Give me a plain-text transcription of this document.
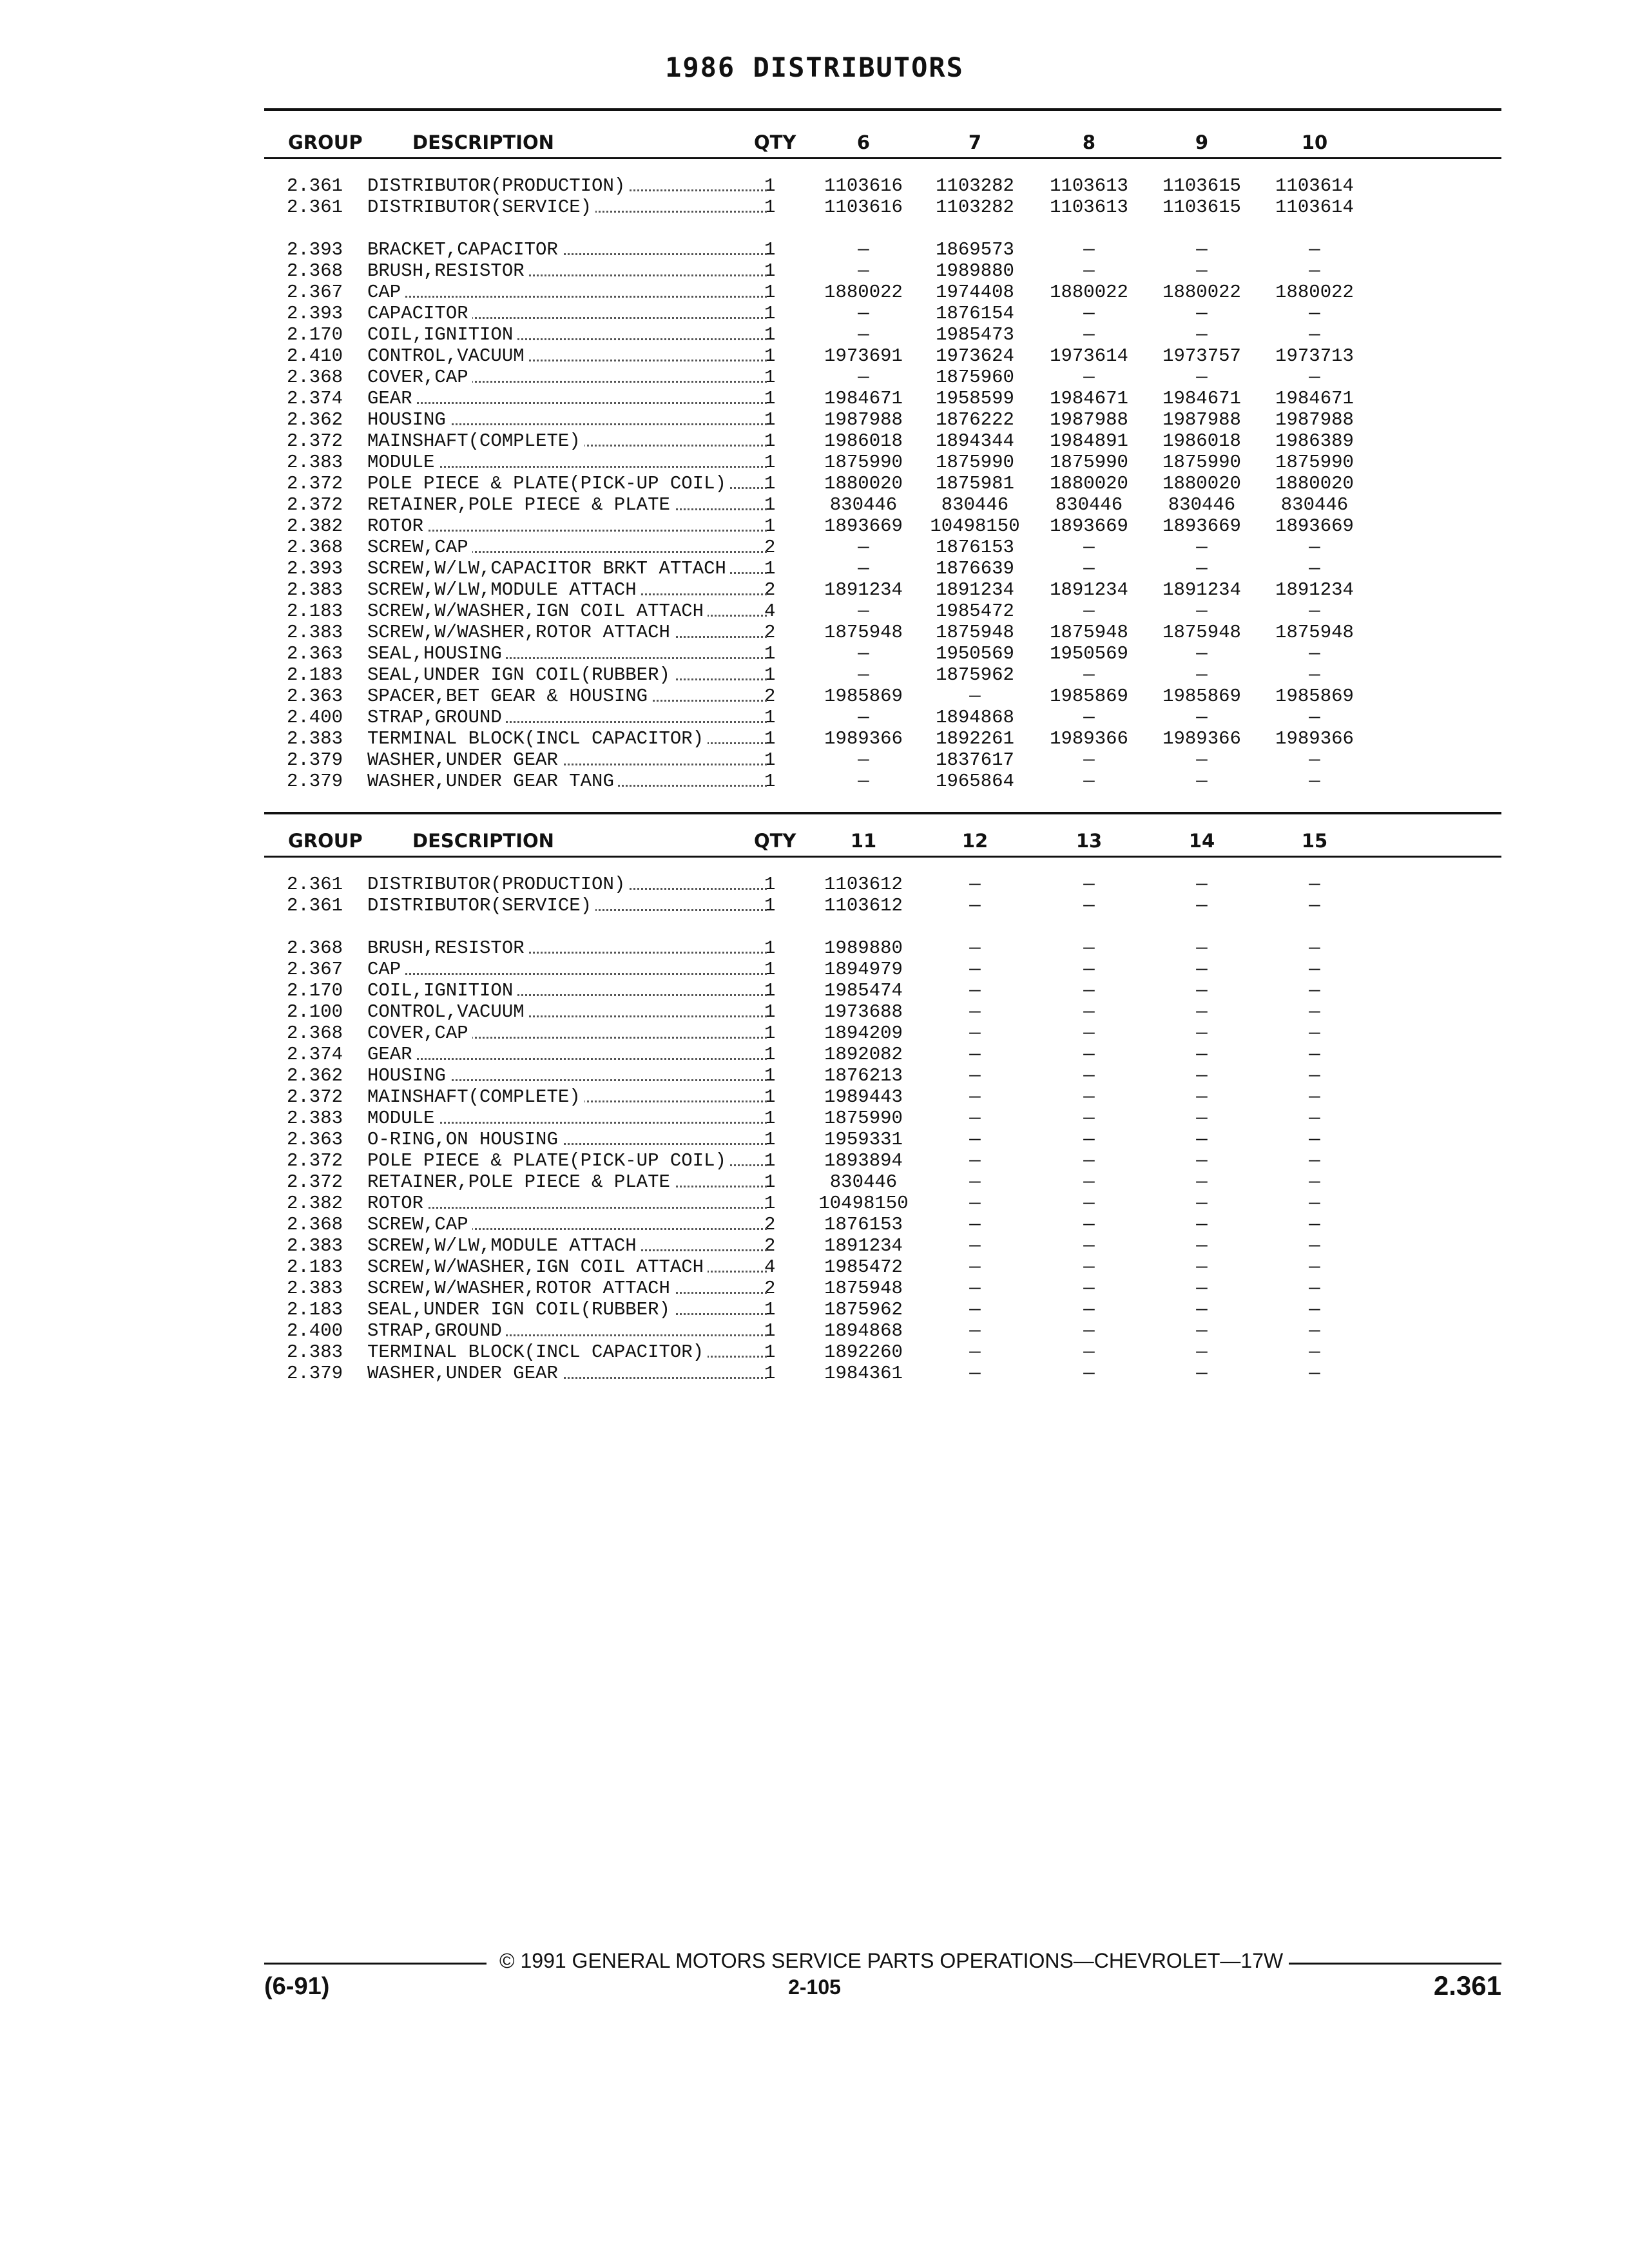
1986 DISTRIBUTORS
GROUP	DESCRIPTION	QTY	6	7	8	9	10
2.361 DISTRIBUTOR(PRODUCTION)	1	1103616	1103282	1103613	1103615	1103614
2.361 DISTRIBUTOR(SERVICE)	1	1103616	1103282	1103613	1103615	1103614
2.393 BRACKET,CAPACITOR	1	—	1869573	—	—	—
2.368 BRUSH,RESISTOR	1	—	1989880	—	—	—
2.367 CAP	1	1880022	1974408	1880022	1880022	1880022
2.393 CAPACITOR	1	—	1876154	—	—	—
2.170 COIL,IGNITION	1	—	1985473	—	—	—
2.410 CONTROL,VACUUM	1	1973691	1973624	1973614	1973757	1973713
2.368 COVER,CAP	1	—	1875960	—	—	—
2.374 GEAR	1	1984671	1958599	1984671	1984671	1984671
2.362 HOUSING	1	1987988	1876222	1987988	1987988	1987988
2.372 MAINSHAFT(COMPLETE)	1	1986018	1894344	1984891	1986018	1986389
2.383 MODULE	1	1875990	1875990	1875990	1875990	1875990
2.372 POLE PIECE & PLATE(PICK-UP COIL)	1	1880020	1875981	1880020	1880020	1880020
2.372 RETAINER,POLE PIECE & PLATE	1	830446	830446	830446	830446	830446
2.382 ROTOR	1	1893669	10498150	1893669	1893669	1893669
2.368 SCREW,CAP	2	—	1876153	—	—	—
2.393 SCREW,W/LW,CAPACITOR BRKT ATTACH	1	—	1876639	—	—	—
2.383 SCREW,W/LW,MODULE ATTACH	2	1891234	1891234	1891234	1891234	1891234
2.183 SCREW,W/WASHER,IGN COIL ATTACH	4	—	1985472	—	—	—
2.383 SCREW,W/WASHER,ROTOR ATTACH	2	1875948	1875948	1875948	1875948	1875948
2.363 SEAL,HOUSING	1	—	1950569	1950569	—	—
2.183 SEAL,UNDER IGN COIL(RUBBER)	1	—	1875962	—	—	—
2.363 SPACER,BET GEAR & HOUSING	2	1985869	—	1985869	1985869	1985869
2.400 STRAP,GROUND	1	—	1894868	—	—	—
2.383 TERMINAL BLOCK(INCL CAPACITOR)	1	1989366	1892261	1989366	1989366	1989366
2.379 WASHER,UNDER GEAR	1	—	1837617	—	—	—
2.379 WASHER,UNDER GEAR TANG	1	—	1965864	—	—	—
GROUP	DESCRIPTION	QTY	11	12	13	14	15
2.361 DISTRIBUTOR(PRODUCTION)	1	1103612	—	—	—	—
2.361 DISTRIBUTOR(SERVICE)	1	1103612	—	—	—	—
2.368 BRUSH,RESISTOR	1	1989880	—	—	—	—
2.367 CAP	1	1894979	—	—	—	—
2.170 COIL,IGNITION	1	1985474	—	—	—	—
2.100 CONTROL,VACUUM	1	1973688	—	—	—	—
2.368 COVER,CAP	1	1894209	—	—	—	—
2.374 GEAR	1	1892082	—	—	—	—
2.362 HOUSING	1	1876213	—	—	—	—
2.372 MAINSHAFT(COMPLETE)	1	1989443	—	—	—	—
2.383 MODULE	1	1875990	—	—	—	—
2.363 O-RING,ON HOUSING	1	1959331	—	—	—	—
2.372 POLE PIECE & PLATE(PICK-UP COIL)	1	1893894	—	—	—	—
2.372 RETAINER,POLE PIECE & PLATE	1	830446	—	—	—	—
2.382 ROTOR	1	10498150	—	—	—	—
2.368 SCREW,CAP	2	1876153	—	—	—	—
2.383 SCREW,W/LW,MODULE ATTACH	2	1891234	—	—	—	—
2.183 SCREW,W/WASHER,IGN COIL ATTACH	4	1985472	—	—	—	—
2.383 SCREW,W/WASHER,ROTOR ATTACH	2	1875948	—	—	—	—
2.183 SEAL,UNDER IGN COIL(RUBBER)	1	1875962	—	—	—	—
2.400 STRAP,GROUND	1	1894868	—	—	—	—
2.383 TERMINAL BLOCK(INCL CAPACITOR)	1	1892260	—	—	—	—
2.379 WASHER,UNDER GEAR	1	1984361	—	—	—	—
© 1991 GENERAL MOTORS SERVICE PARTS OPERATIONS—CHEVROLET—17W
(6-91)	2-105	2.361
